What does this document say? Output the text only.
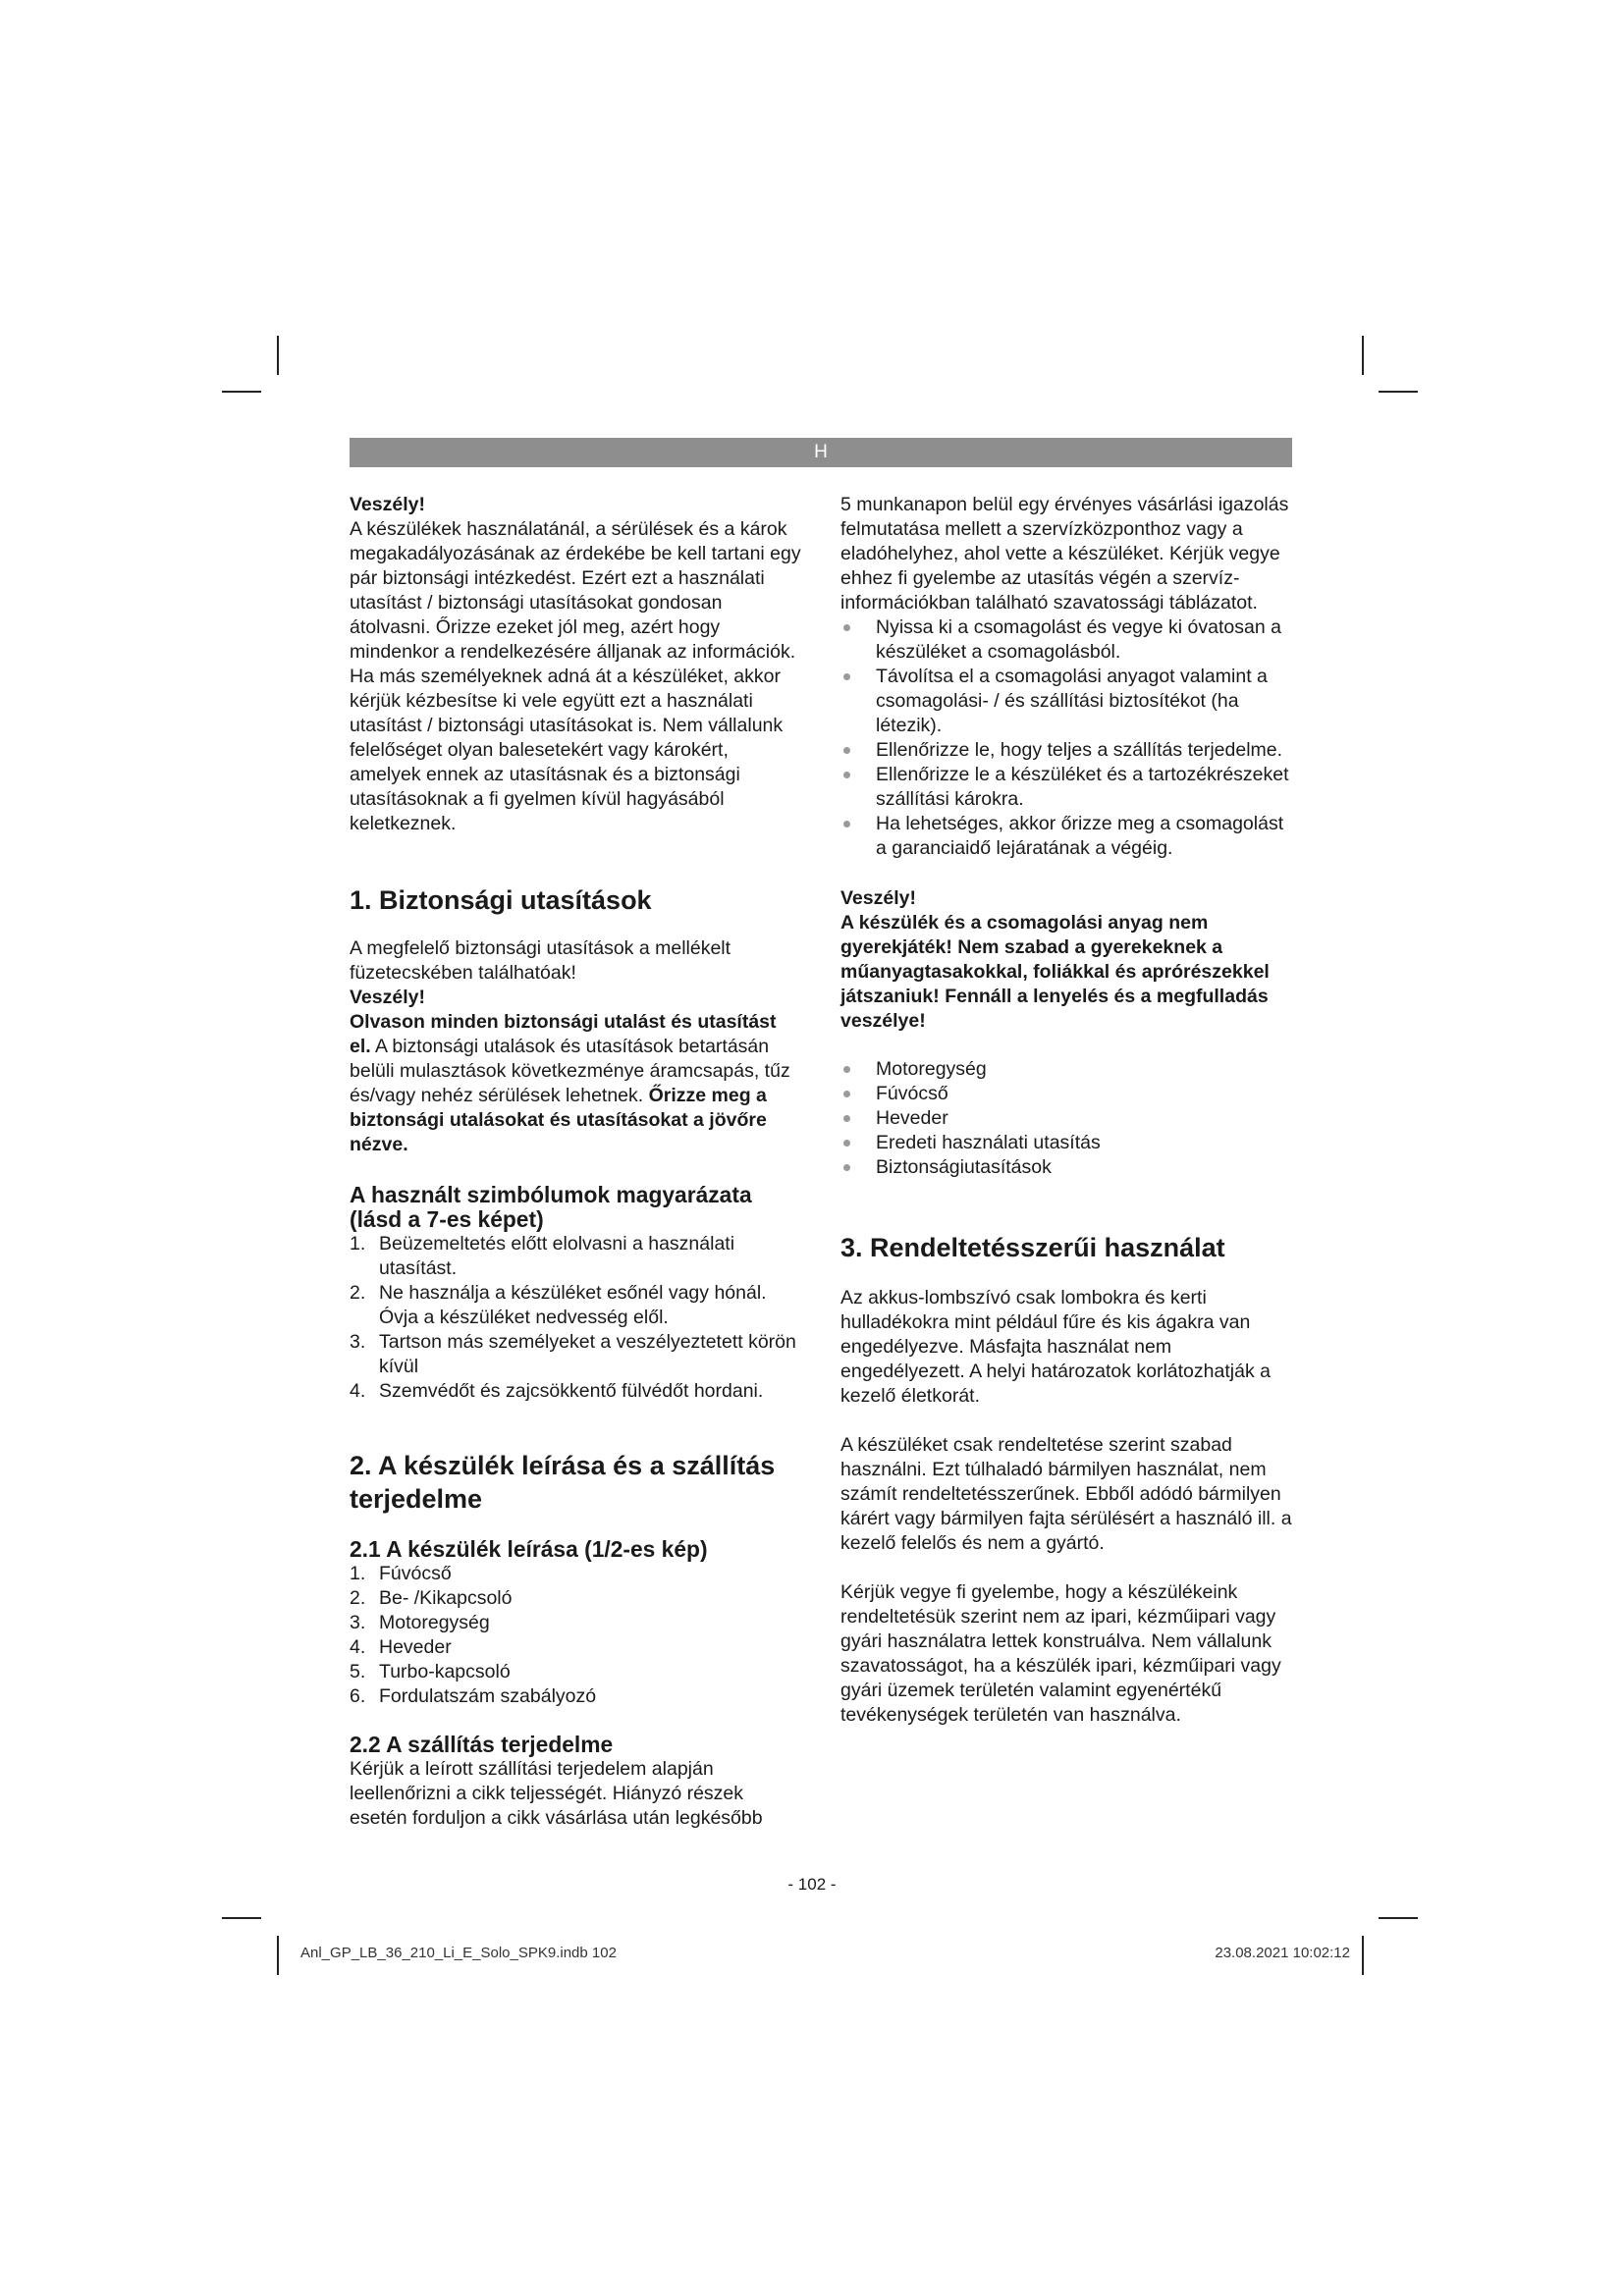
H

Veszély!

A készülékek használatánál, a sérülések és a károk megakadályozásának az érdekébe be kell tartani egy pár biztonsági intézkedést. Ezért ezt a használati utasítást / biztonsági utasításokat gondosan átolvasni. Őrizze ezeket jól meg, azért hogy mindenkor a rendelkezésére álljanak az információk. Ha más személyeknek adná át a készüléket, akkor kérjük kézbesítse ki vele együtt ezt a használati utasítást / biztonsági utasításokat is. Nem vállalunk felelőséget olyan balesetekért vagy károkért, amelyek ennek az utasításnak és a biztonsági utasításoknak a fi gyelmen kívül hagyásából keletkeznek.

1. Biztonsági utasítások

A megfelelő biztonsági utasítások a mellékelt füzetecskében találhatóak!

Veszély!

Olvason minden biztonsági utalást és utasítást el. A biztonsági utalások és utasítások betartásán belüli mulasztások következménye áramcsapás, tűz és/vagy nehéz sérülések lehetnek. Őrizze meg a biztonsági utalásokat és utasításokat a jövőre nézve.

A használt szimbólumok magyarázata (lásd a 7-es képet)
1. Beüzemeltetés előtt elolvasni a használati utasítást.
2. Ne használja a készüléket esőnél vagy hónál. Óvja a készüléket nedvesség elől.
3. Tartson más személyeket a veszélyeztetett körön kívül
4. Szemvédőt és zajcsökkentő fülvédőt hordani.
2. A készülék leírása és a szállítás terjedelme
2.1 A készülék leírása (1/2-es kép)
1. Fúvócső
2. Be- /Kikapcsoló
3. Motoregység
4. Heveder
5. Turbo-kapcsoló
6. Fordulatszám szabályozó
2.2 A szállítás terjedelme

Kérjük a leírott szállítási terjedelem alapján leellenőrizni a cikk teljességét. Hiányzó részek esetén forduljon a cikk vásárlása után legkésőbb

5 munkanapon belül egy érvényes vásárlási igazolás felmutatása mellett a szervízközponthoz vagy a eladóhelyhez, ahol vette a készüléket. Kérjük vegye ehhez fi gyelembe az utasítás végén a szervíz-információkban található szavatossági táblázatot.

Nyissa ki a csomagolást és vegye ki óvatosan a készüléket a csomagolásból.
Távolítsa el a csomagolási anyagot valamint a csomagolási- / és szállítási biztosítékot (ha létezik).
Ellenőrizze le, hogy teljes a szállítás terjedelme.
Ellenőrizze le a készüléket és a tartozékrészeket szállítási károkra.
Ha lehetséges, akkor őrizze meg a csomagolást a garanciaidő lejáratának a végéig.

Veszély!

A készülék és a csomagolási anyag nem gyerekjáték! Nem szabad a gyerekeknek a műanyagtasakokkal, foliákkal és aprórészekkel játszaniuk! Fennáll a lenyelés és a megfulladás veszélye!

Motoregység
Fúvócső
Heveder
Eredeti használati utasítás
Biztonságiutasítások
3. Rendeltetésszerűi használat

Az akkus-lombszívó csak lombokra és kerti hulladékokra mint például fűre és kis ágakra van engedélyezve. Másfajta használat nem engedélyezett. A helyi határozatok korlátozhatják a kezelő életkorát.

A készüléket csak rendeltetése szerint szabad használni. Ezt túlhaladó bármilyen használat, nem számít rendeltetésszerűnek. Ebből adódó bármilyen kárért vagy bármilyen fajta sérülésért a használó ill. a kezelő felelős és nem a gyártó.

Kérjük vegye fi gyelembe, hogy a készülékeink rendeltetésük szerint nem az ipari, kézműipari vagy gyári használatra lettek konstruálva. Nem vállalunk szavatosságot, ha a készülék ipari, kézműipari vagy gyári üzemek területén valamint egyenértékű tevékenységek területén van használva.

- 102 -
Anl_GP_LB_36_210_Li_E_Solo_SPK9.indb 102	23.08.2021 10:02:12
